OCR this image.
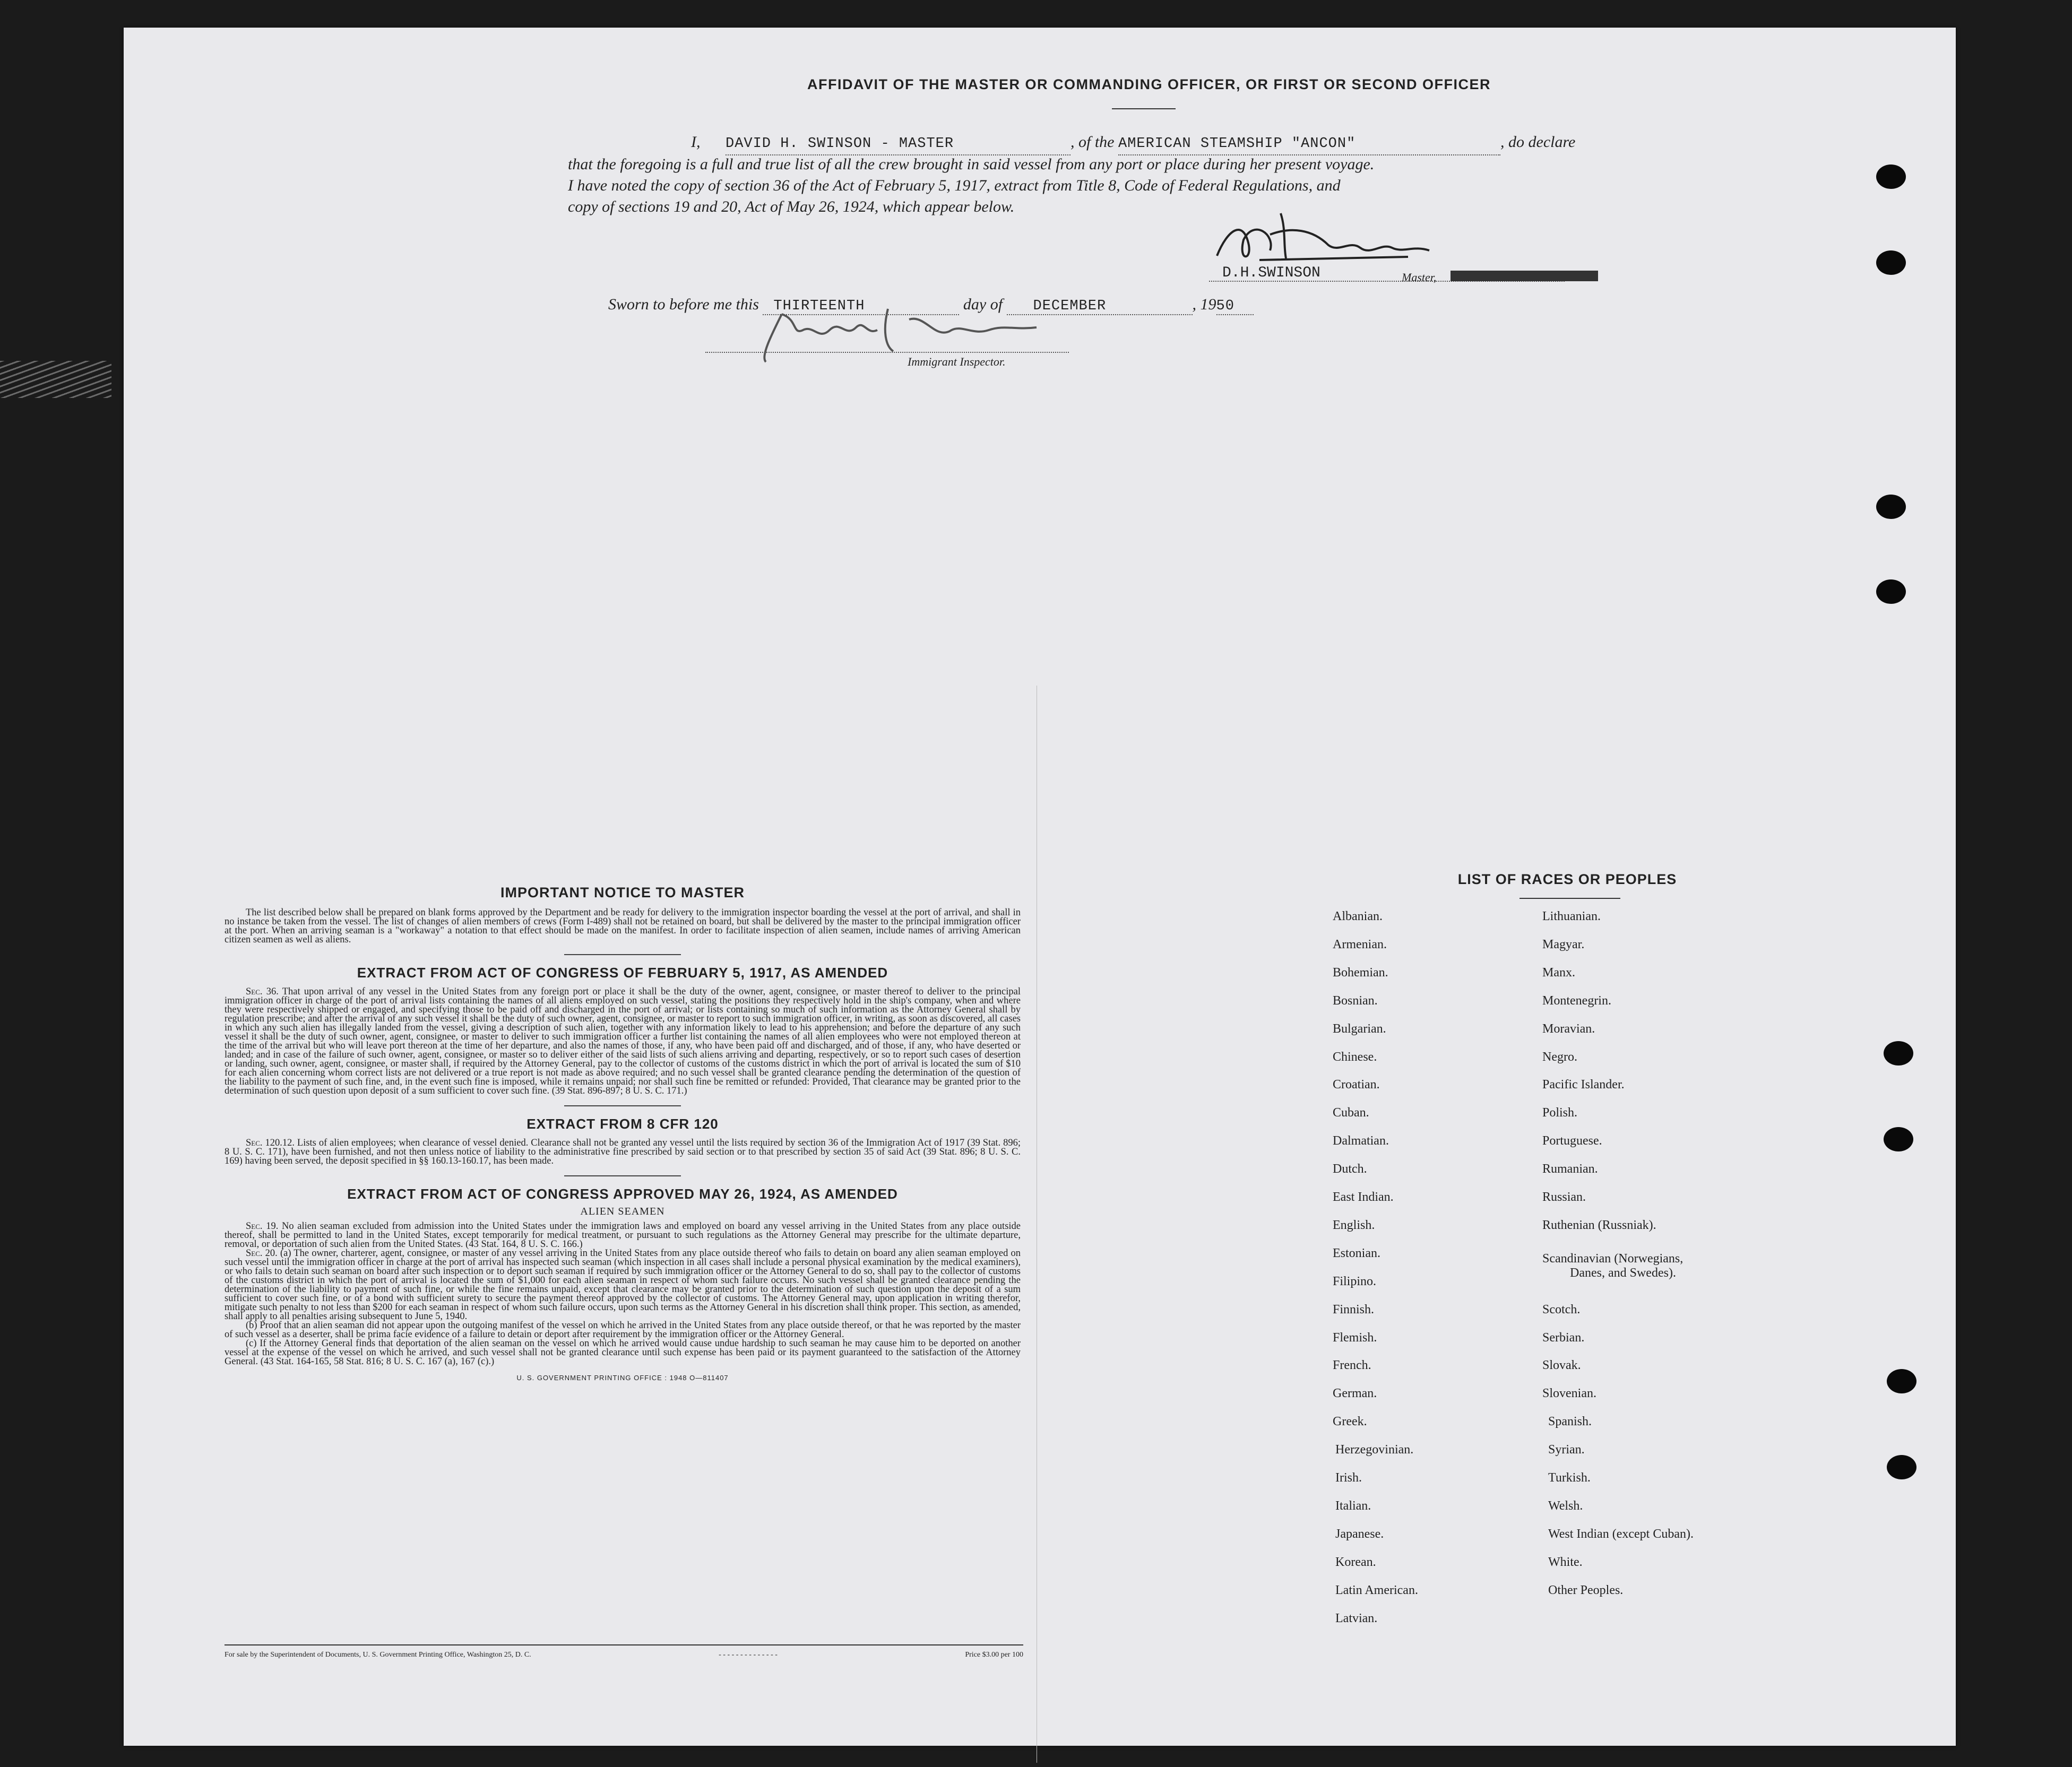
AFFIDAVIT OF THE MASTER OR COMMANDING OFFICER, OR FIRST OR SECOND OFFICER
I, DAVID H. SWINSON - MASTER	, of the AMERICAN STEAMSHIP "ANCON"	, do declare
that the foregoing is a full and true list of all the crew brought in said vessel from any port or place during her present voyage.
I have noted the copy of section 36 of the Act of February 5, 1917, extract from Title 8, Code of Federal Regulations, and
copy of sections 19 and 20, Act of May 26, 1924, which appear below.
D.H.SWINSON	Master,
Sworn to before me this THIRTEENTH	day of DECEMBER	, 1950
Immigrant Inspector.

IMPORTANT NOTICE TO MASTER

The list described below shall be prepared on blank forms approved by the Department and be ready for delivery to the immigration inspector boarding the vessel at the port of arrival, and shall in no instance be taken from the vessel. The list of changes of alien members of crews (Form I-489) shall not be retained on board, but shall be delivered by the master to the principal immigration officer at the port. When an arriving seaman is a "workaway" a notation to that effect should be made on the manifest. In order to facilitate inspection of alien seamen, include names of arriving American citizen seamen as well as aliens.

EXTRACT FROM ACT OF CONGRESS OF FEBRUARY 5, 1917, AS AMENDED

Sec. 36. That upon arrival of any vessel in the United States from any foreign port or place it shall be the duty of the owner, agent, consignee, or master thereof to deliver to the principal immigration officer in charge of the port of arrival lists containing the names of all aliens employed on such vessel, stating the positions they respectively hold in the ship's company, when and where they were respectively shipped or engaged, and specifying those to be paid off and discharged in the port of arrival; or lists containing so much of such information as the Attorney General shall by regulation prescribe; and after the arrival of any such vessel it shall be the duty of such owner, agent, consignee, or master to report to such immigration officer, in writing, as soon as discovered, all cases in which any such alien has illegally landed from the vessel, giving a description of such alien, together with any information likely to lead to his apprehension; and before the departure of any such vessel it shall be the duty of such owner, agent, consignee, or master to deliver to such immigration officer a further list containing the names of all alien employees who were not employed thereon at the time of the arrival but who will leave port thereon at the time of her departure, and also the names of those, if any, who have been paid off and discharged, and of those, if any, who have deserted or landed; and in case of the failure of such owner, agent, consignee, or master so to deliver either of the said lists of such aliens arriving and departing, respectively, or so to report such cases of desertion or landing, such owner, agent, consignee, or master shall, if required by the Attorney General, pay to the collector of customs of the customs district in which the port of arrival is located the sum of $10 for each alien concerning whom correct lists are not delivered or a true report is not made as above required; and no such vessel shall be granted clearance pending the determination of the question of the liability to the payment of such fine, and, in the event such fine is imposed, while it remains unpaid; nor shall such fine be remitted or refunded: Provided, That clearance may be granted prior to the determination of such question upon deposit of a sum sufficient to cover such fine. (39 Stat. 896-897; 8 U. S. C. 171.)

EXTRACT FROM 8 CFR 120

Sec. 120.12. Lists of alien employees; when clearance of vessel denied. Clearance shall not be granted any vessel until the lists required by section 36 of the Immigration Act of 1917 (39 Stat. 896; 8 U. S. C. 171), have been furnished, and not then unless notice of liability to the administrative fine prescribed by said section or to that prescribed by section 35 of said Act (39 Stat. 896; 8 U. S. C. 169) having been served, the deposit specified in §§ 160.13-160.17, has been made.

EXTRACT FROM ACT OF CONGRESS APPROVED MAY 26, 1924, AS AMENDED

ALIEN SEAMEN

Sec. 19. No alien seaman excluded from admission into the United States under the immigration laws and employed on board any vessel arriving in the United States from any place outside thereof, shall be permitted to land in the United States, except temporarily for medical treatment, or pursuant to such regulations as the Attorney General may prescribe for the ultimate departure, removal, or deportation of such alien from the United States. (43 Stat. 164, 8 U. S. C. 166.)

Sec. 20. (a) The owner, charterer, agent, consignee, or master of any vessel arriving in the United States from any place outside thereof who fails to detain on board any alien seaman employed on such vessel until the immigration officer in charge at the port of arrival has inspected such seaman (which inspection in all cases shall include a personal physical examination by the medical examiners), or who fails to detain such seaman on board after such inspection or to deport such seaman if required by such immigration officer or the Attorney General to do so, shall pay to the collector of customs of the customs district in which the port of arrival is located the sum of $1,000 for each alien seaman in respect of whom such failure occurs. No such vessel shall be granted clearance pending the determination of the liability to payment of such fine, or while the fine remains unpaid, except that clearance may be granted prior to the determination of such question upon the deposit of a sum sufficient to cover such fine, or of a bond with sufficient surety to secure the payment thereof approved by the collector of customs. The Attorney General may, upon application in writing therefor, mitigate such penalty to not less than $200 for each seaman in respect of whom such failure occurs, upon such terms as the Attorney General in his discretion shall think proper. This section, as amended, shall apply to all penalties arising subsequent to June 5, 1940.

(b) Proof that an alien seaman did not appear upon the outgoing manifest of the vessel on which he arrived in the United States from any place outside thereof, or that he was reported by the master of such vessel as a deserter, shall be prima facie evidence of a failure to detain or deport after requirement by the immigration officer or the Attorney General.

(c) If the Attorney General finds that deportation of the alien seaman on the vessel on which he arrived would cause undue hardship to such seaman he may cause him to be deported on another vessel at the expense of the vessel on which he arrived, and such vessel shall not be granted clearance until such expense has been paid or its payment guaranteed to the satisfaction of the Attorney General. (43 Stat. 164-165, 58 Stat. 816; 8 U. S. C. 167 (a), 167 (c).)

U. S. GOVERNMENT PRINTING OFFICE : 1948 O—811407
For sale by the Superintendent of Documents, U. S. Government Printing Office, Washington 25, D. C.	- - - - - - - - - - - - - -	Price $3.00 per 100
LIST OF RACES OR PEOPLES
Albanian.
Armenian.
Bohemian.
Bosnian.
Bulgarian.
Chinese.
Croatian.
Cuban.
Dalmatian.
Dutch.
East Indian.
English.
Estonian.
Filipino.
Finnish.
Flemish.
French.
German.
Greek.
Herzegovinian.
Irish.
Italian.
Japanese.
Korean.
Latin American.
Latvian.
Lithuanian.
Magyar.
Manx.
Montenegrin.
Moravian.
Negro.
Pacific Islander.
Polish.
Portuguese.
Rumanian.
Russian.
Ruthenian (Russniak).
Scandinavian (Norwegians,
Danes, and Swedes).
Scotch.
Serbian.
Slovak.
Slovenian.
Spanish.
Syrian.
Turkish.
Welsh.
West Indian (except Cuban).
White.
Other Peoples.
